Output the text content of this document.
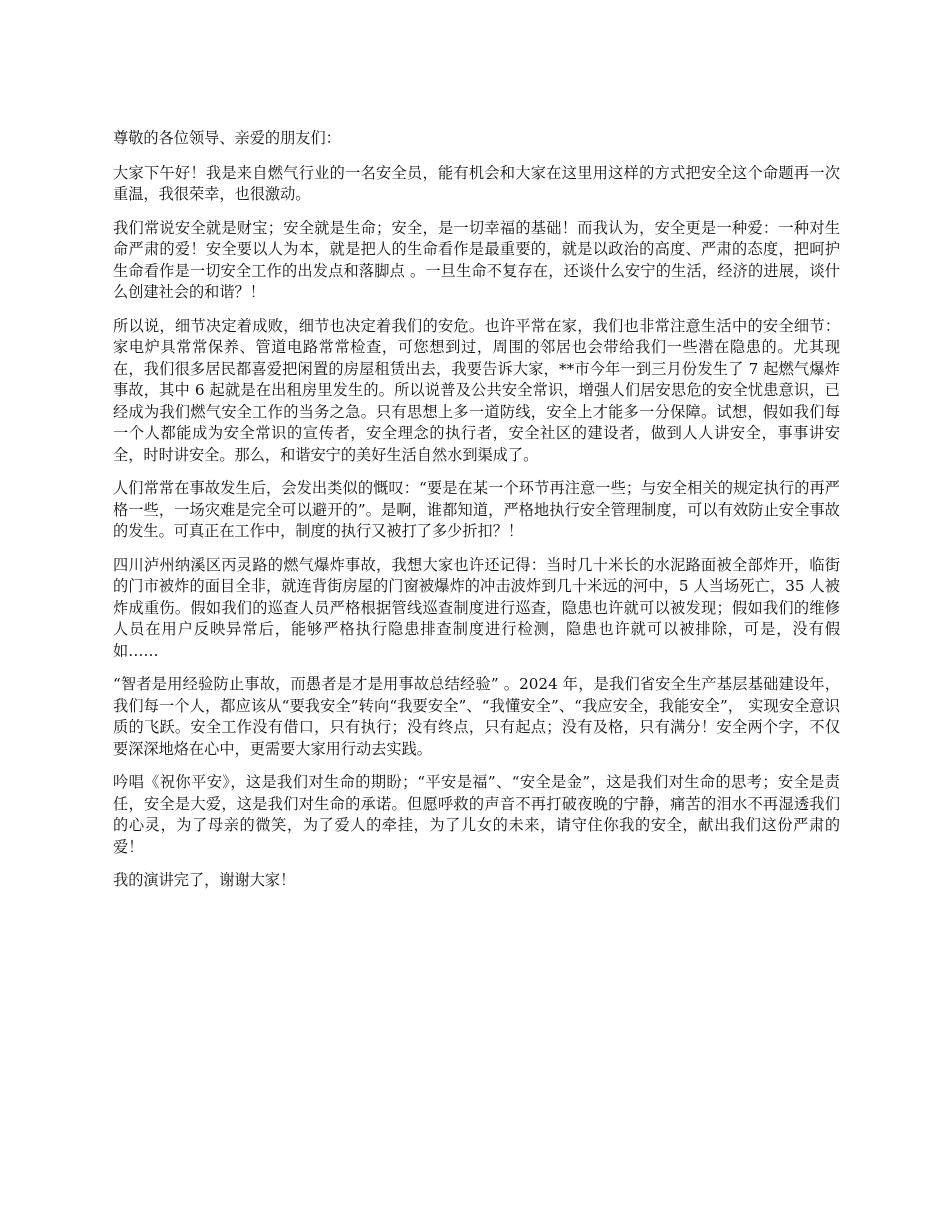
尊敬的各位领导、亲爱的朋友们：

大家下午好！我是来自燃气行业的一名安全员，能有机会和大家在这里用这样的方式把安全这个命题再一次重温，我很荣幸，也很激动。

我们常说安全就是财宝；安全就是生命；安全，是一切幸福的基础！而我认为，安全更是一种爱：一种对生命严肃的爱！安全要以人为本，就是把人的生命看作是最重要的，就是以政治的高度、严肃的态度，把呵护生命看作是一切安全工作的出发点和落脚点 。一旦生命不复存在，还谈什么安宁的生活，经济的进展，谈什么创建社会的和谐？！

所以说，细节决定着成败，细节也决定着我们的安危。也许平常在家，我们也非常注意生活中的安全细节：家电炉具常常保养、管道电路常常检查，可您想到过，周围的邻居也会带给我们一些潜在隐患的。尤其现在，我们很多居民都喜爱把闲置的房屋租赁出去，我要告诉大家，**市今年一到三月份发生了 7 起燃气爆炸事故，其中 6 起就是在出租房里发生的。所以说普及公共安全常识，增强人们居安思危的安全忧患意识，已经成为我们燃气安全工作的当务之急。只有思想上多一道防线，安全上才能多一分保障。试想，假如我们每一个人都能成为安全常识的宣传者，安全理念的执行者，安全社区的建设者，做到人人讲安全，事事讲安全，时时讲安全。那么，和谐安宁的美好生活自然水到渠成了。

人们常常在事故发生后，会发出类似的慨叹：“要是在某一个环节再注意一些；与安全相关的规定执行的再严格一些，一场灾难是完全可以避开的”。是啊，谁都知道，严格地执行安全管理制度，可以有效防止安全事故的发生。可真正在工作中，制度的执行又被打了多少折扣？！

四川泸州纳溪区丙灵路的燃气爆炸事故，我想大家也许还记得：当时几十米长的水泥路面被全部炸开，临街的门市被炸的面目全非，就连背街房屋的门窗被爆炸的冲击波炸到几十米远的河中，5 人当场死亡，35 人被炸成重伤。假如我们的巡查人员严格根据管线巡查制度进行巡查，隐患也许就可以被发现；假如我们的维修人员在用户反映异常后，能够严格执行隐患排查制度进行检测，隐患也许就可以被排除，可是，没有假如……

“智者是用经验防止事故，而愚者是才是用事故总结经验” 。2024 年，是我们省安全生产基层基础建设年，我们每一个人，都应该从“要我安全”转向“我要安全”、“我懂安全”、“我应安全，我能安全”， 实现安全意识质的飞跃。安全工作没有借口，只有执行；没有终点，只有起点；没有及格，只有满分！安全两个字，不仅要深深地烙在心中，更需要大家用行动去实践。

吟唱《祝你平安》，这是我们对生命的期盼；“平安是福”、“安全是金”，这是我们对生命的思考；安全是责任，安全是大爱，这是我们对生命的承诺。但愿呼救的声音不再打破夜晚的宁静，痛苦的泪水不再湿透我们的心灵，为了母亲的微笑，为了爱人的牵挂，为了儿女的未来，请守住你我的安全，献出我们这份严肃的爱！

我的演讲完了，谢谢大家！
